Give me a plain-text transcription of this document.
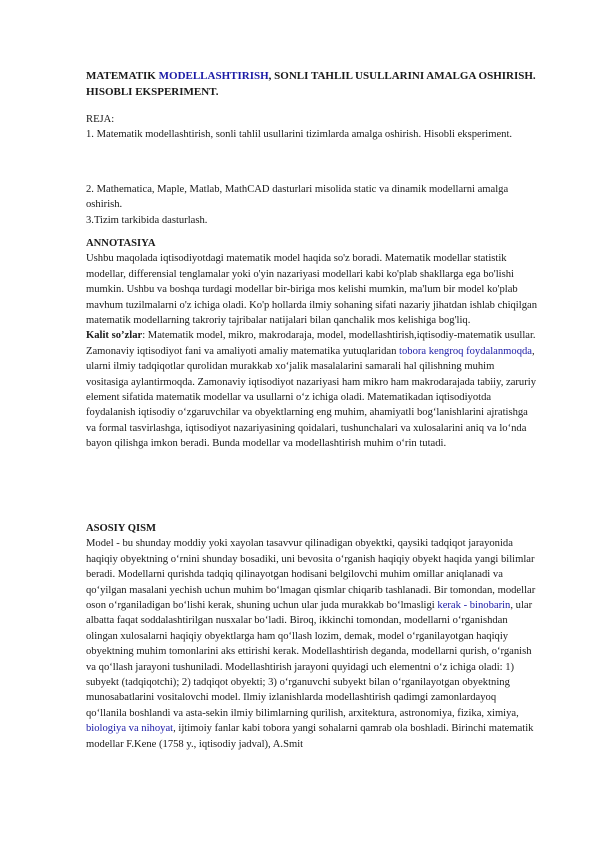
MATEMATIK MODELLASHTIRISH, SONLI TAHLIL USULLARINI AMALGA OSHIRISH. HISOBLI EKSPERIMENT.

REJA:

1. Matematik modellashtirish, sonli tahlil usullarini tizimlarda amalga oshirish. Hisobli eksperiment.

2. Mathematica, Maple, Matlab, MathCAD dasturlari misolida static va dinamik modellarni amalga oshirish.

3.Tizim tarkibida dasturlash.

ANNOTASIYA

Ushbu maqolada iqtisodiyotdagi matematik model haqida so'z boradi. Matematik modellar statistik modellar, differensial tenglamalar yoki o'yin nazariyasi modellari kabi ko'plab shakllarga ega bo'lishi mumkin. Ushbu va boshqa turdagi modellar bir-biriga mos kelishi mumkin, ma'lum bir model ko'plab mavhum tuzilmalarni o'z ichiga oladi. Ko'p hollarda ilmiy sohaning sifati nazariy jihatdan ishlab chiqilgan matematik modellarning takroriy tajribalar natijalari bilan qanchalik mos kelishiga bog'liq.

Kalit so’zlar: Matematik model, mikro, makrodaraja, model, modellashtirish,iqtisodiy-matematik usullar.

Zamonaviy iqtisodiyot fani va amaliyoti amaliy matematika yutuqlaridan tobora kengroq foydalanmoqda, ularni ilmiy tadqiqotlar qurolidan murakkab xo‘jalik masalalarini samarali hal qilishning muhim vositasiga aylantirmoqda. Zamonaviy iqtisodiyot nazariyasi ham mikro ham makrodarajada tabiiy, zaruriy element sifatida matematik modellar va usullarni o‘z ichiga oladi. Matematikadan iqtisodiyotda foydalanish iqtisodiy o‘zgaruvchilar va obyektlarning eng muhim, ahamiyatli bog‘lanishlarini ajratishga va formal tasvirlashga, iqtisodiyot nazariyasining qoidalari, tushunchalari va xulosalarini aniq va lo‘nda bayon qilishga imkon beradi. Bunda modellar va modellashtirish muhim o‘rin tutadi.

ASOSIY QISM

Model - bu shunday moddiy yoki xayolan tasavvur qilinadigan obyektki, qaysiki tadqiqot jarayonida haqiqiy obyektning o‘rnini shunday bosadiki, uni bevosita o‘rganish haqiqiy obyekt haqida yangi bilimlar beradi. Modellarni qurishda tadqiq qilinayotgan hodisani belgilovchi muhim omillar aniqlanadi va qo‘yilgan masalani yechish uchun muhim bo‘lmagan qismlar chiqarib tashlanadi. Bir tomondan, modellar oson o‘rganiladigan bo‘lishi kerak, shuning uchun ular juda murakkab bo‘lmasligi kerak - binobarin, ular albatta faqat soddalashtirilgan nusxalar bo‘ladi. Biroq, ikkinchi tomondan, modellarni o‘rganishdan olingan xulosalarni haqiqiy obyektlarga ham qo‘llash lozim, demak, model o‘rganilayotgan haqiqiy obyektning muhim tomonlarini aks ettirishi kerak. Modellashtirish deganda, modellarni qurish, o‘rganish va qo‘llash jarayoni tushuniladi. Modellashtirish jarayoni quyidagi uch elementni o‘z ichiga oladi: 1) subyekt (tadqiqotchi); 2) tadqiqot obyekti; 3) o‘rganuvchi subyekt bilan o‘rganilayotgan obyektning munosabatlarini vositalovchi model. Ilmiy izlanishlarda modellashtirish qadimgi zamonlardayoq qo‘llanila boshlandi va asta-sekin ilmiy bilimlarning qurilish, arxitektura, astronomiya, fizika, ximiya, biologiya va nihoyat, ijtimoiy fanlar kabi tobora yangi sohalarni qamrab ola boshladi. Birinchi matematik modellar F.Kene (1758 y., iqtisodiy jadval), A.Smit
